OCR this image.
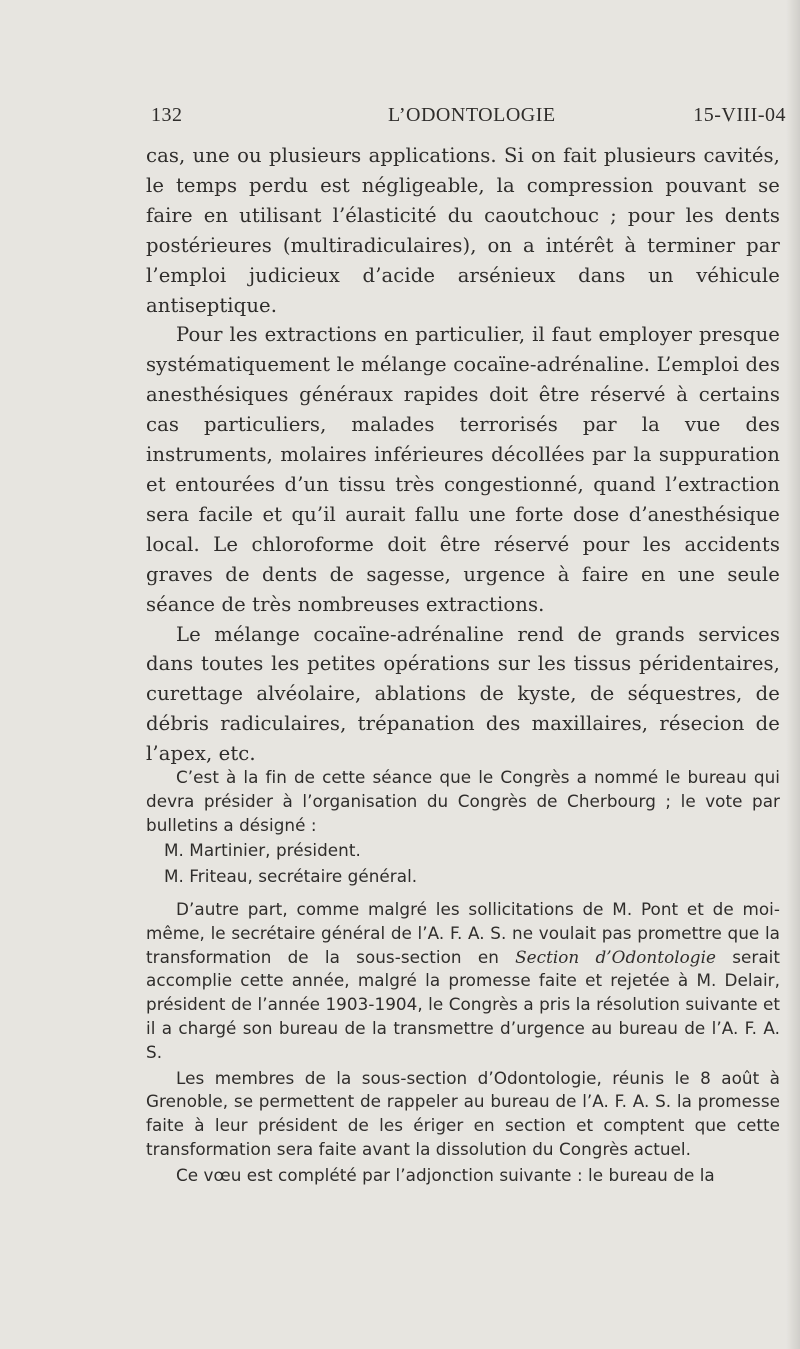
132	L’ODONTOLOGIE	15-VIII-04

cas, une ou plusieurs applications. Si on fait plusieurs cavités, le temps perdu est négligeable, la compression pouvant se faire en utilisant l’élasticité du caoutchouc ; pour les dents postérieures (multiradiculaires), on a intérêt à terminer par l’emploi judicieux d’acide arsénieux dans un véhicule antiseptique.

Pour les extractions en particulier, il faut employer presque systématiquement le mélange cocaïne-adrénaline. L’emploi des anesthésiques généraux rapides doit être réservé à certains cas particuliers, malades terrorisés par la vue des instruments, molaires inférieures décollées par la suppuration et entourées d’un tissu très congestionné, quand l’extraction sera facile et qu’il aurait fallu une forte dose d’anesthésique local. Le chloroforme doit être réservé pour les accidents graves de dents de sagesse, urgence à faire en une seule séance de très nombreuses extractions.

Le mélange cocaïne-adrénaline rend de grands services dans toutes les petites opérations sur les tissus péridentaires, curettage alvéolaire, ablations de kyste, de séquestres, de débris radiculaires, trépanation des maxillaires, résecion de l’apex, etc.

C’est à la fin de cette séance que le Congrès a nommé le bureau qui devra présider à l’organisation du Congrès de Cherbourg ; le vote par bulletins a désigné :

M. Martinier, président.

M. Friteau, secrétaire général.

D’autre part, comme malgré les sollicitations de M. Pont et de moi-même, le secrétaire général de l’A. F. A. S. ne voulait pas promettre que la transformation de la sous-section en Section d’Odontologie serait accomplie cette année, malgré la promesse faite et rejetée à M. Delair, président de l’année 1903-1904, le Congrès a pris la résolution suivante et il a chargé son bureau de la transmettre d’urgence au bureau de l’A. F. A. S.

Les membres de la sous-section d’Odontologie, réunis le 8 août à Grenoble, se permettent de rappeler au bureau de l’A. F. A. S. la promesse faite à leur président de les ériger en section et comptent que cette transformation sera faite avant la dissolution du Congrès actuel.

Ce vœu est complété par l’adjonction suivante : le bureau de la
